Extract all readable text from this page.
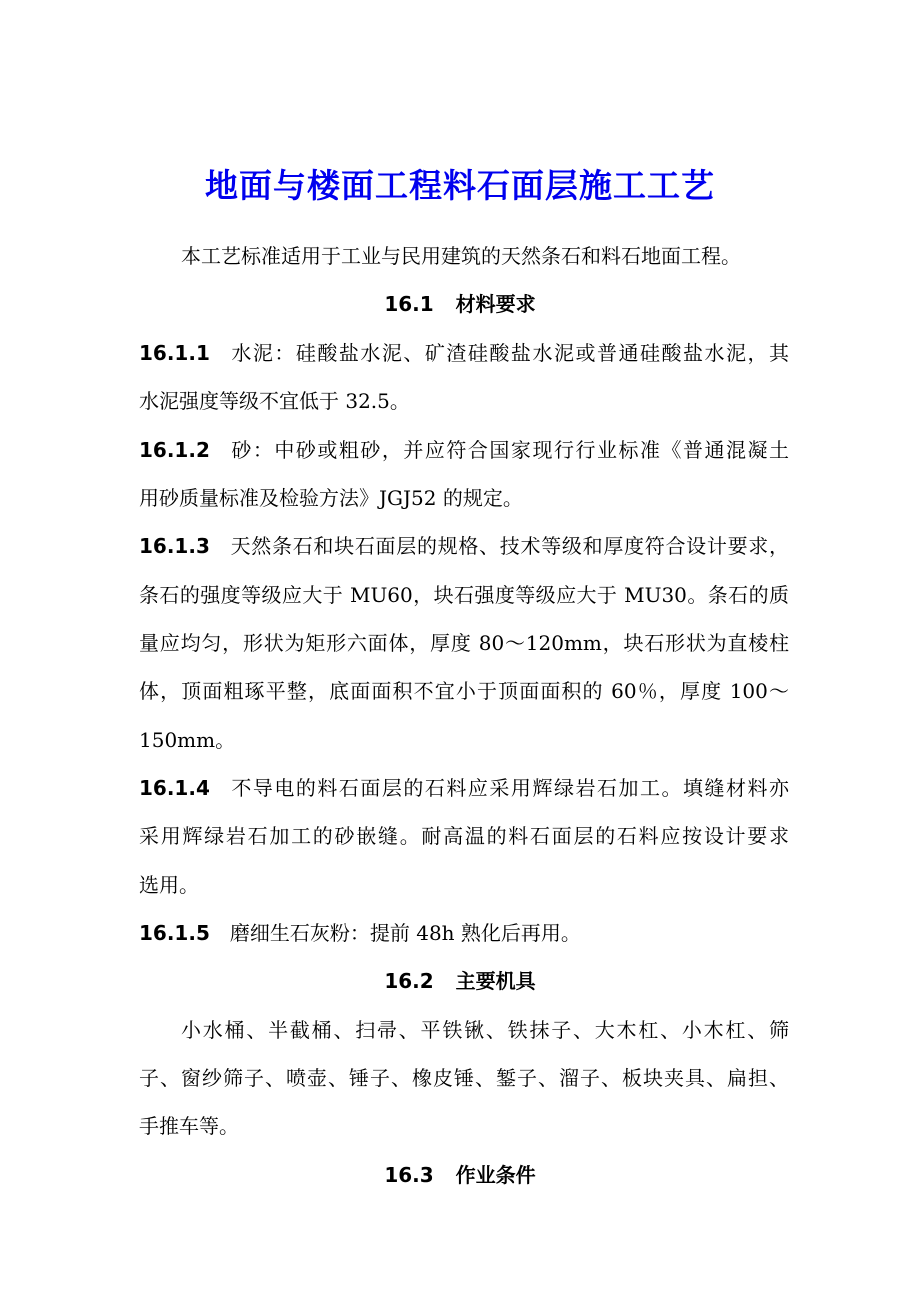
地面与楼面工程料石面层施工工艺
本工艺标准适用于工业与民用建筑的天然条石和料石地面工程。
16.1 材料要求
16.1.1 水泥：硅酸盐水泥、矿渣硅酸盐水泥或普通硅酸盐水泥，其
水泥强度等级不宜低于 32.5。
16.1.2 砂：中砂或粗砂，并应符合国家现行行业标准《普通混凝土
用砂质量标准及检验方法》JGJ52 的规定。
16.1.3 天然条石和块石面层的规格、技术等级和厚度符合设计要求，
条石的强度等级应大于 MU60，块石强度等级应大于 MU30。条石的质
量应均匀，形状为矩形六面体，厚度 80～120mm，块石形状为直棱柱
体，顶面粗琢平整，底面面积不宜小于顶面面积的 60％，厚度 100～
150mm。
16.1.4 不导电的料石面层的石料应采用辉绿岩石加工。填缝材料亦
采用辉绿岩石加工的砂嵌缝。耐高温的料石面层的石料应按设计要求
选用。
16.1.5 磨细生石灰粉：提前 48h 熟化后再用。
16.2 主要机具
小水桶、半截桶、扫帚、平铁锹、铁抹子、大木杠、小木杠、筛
子、窗纱筛子、喷壶、锤子、橡皮锤、錾子、溜子、板块夹具、扁担、
手推车等。
16.3 作业条件
